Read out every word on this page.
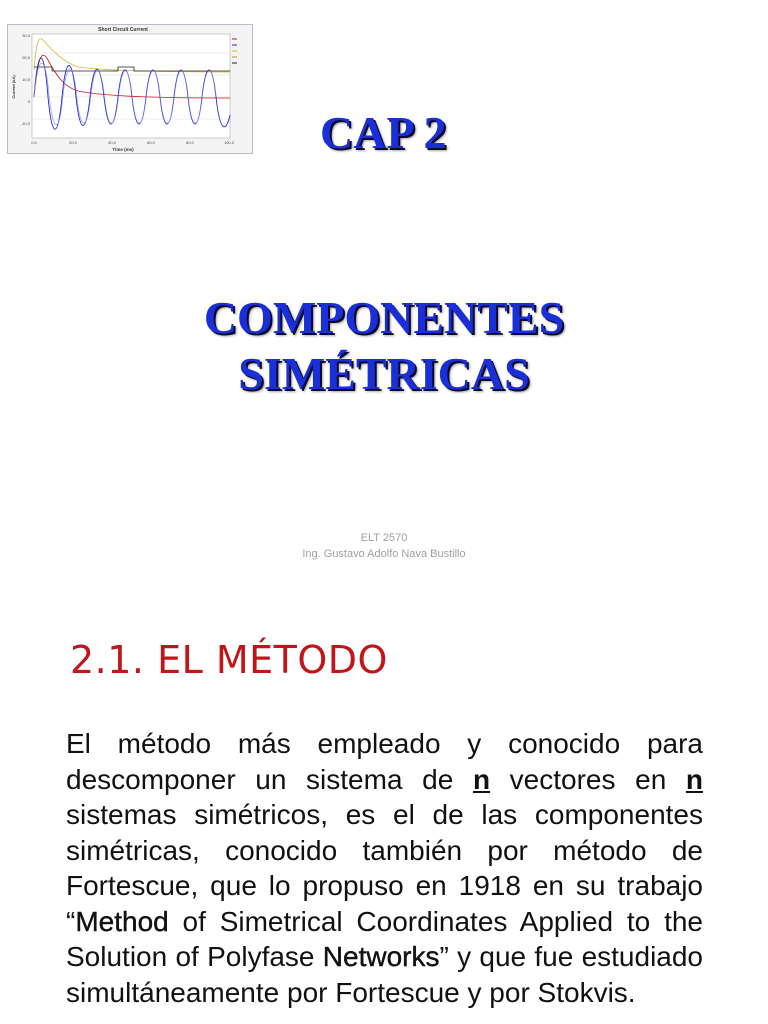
Short Circuit Current
30,0
20,0
10,0
0
-10,0
0,0	20,0	40,0	60,0	80,0	100,0
Time (ms)
Current (kA)
CAP 2
COMPONENTES
SIMÉTRICAS
ELT 2570
Ing. Gustavo Adolfo Nava Bustillo
2.1. EL MÉTODO

El método más empleado y conocido para descomponer un sistema de n vectores en n sistemas simétricos, es el de las componentes simétricas, conocido también por método de Fortescue, que lo propuso en 1918 en su trabajo “Method of Simetrical Coordinates Applied to the Solution of Polyfase Networks” y que fue estudiado simultáneamente por Fortescue y por Stokvis.
